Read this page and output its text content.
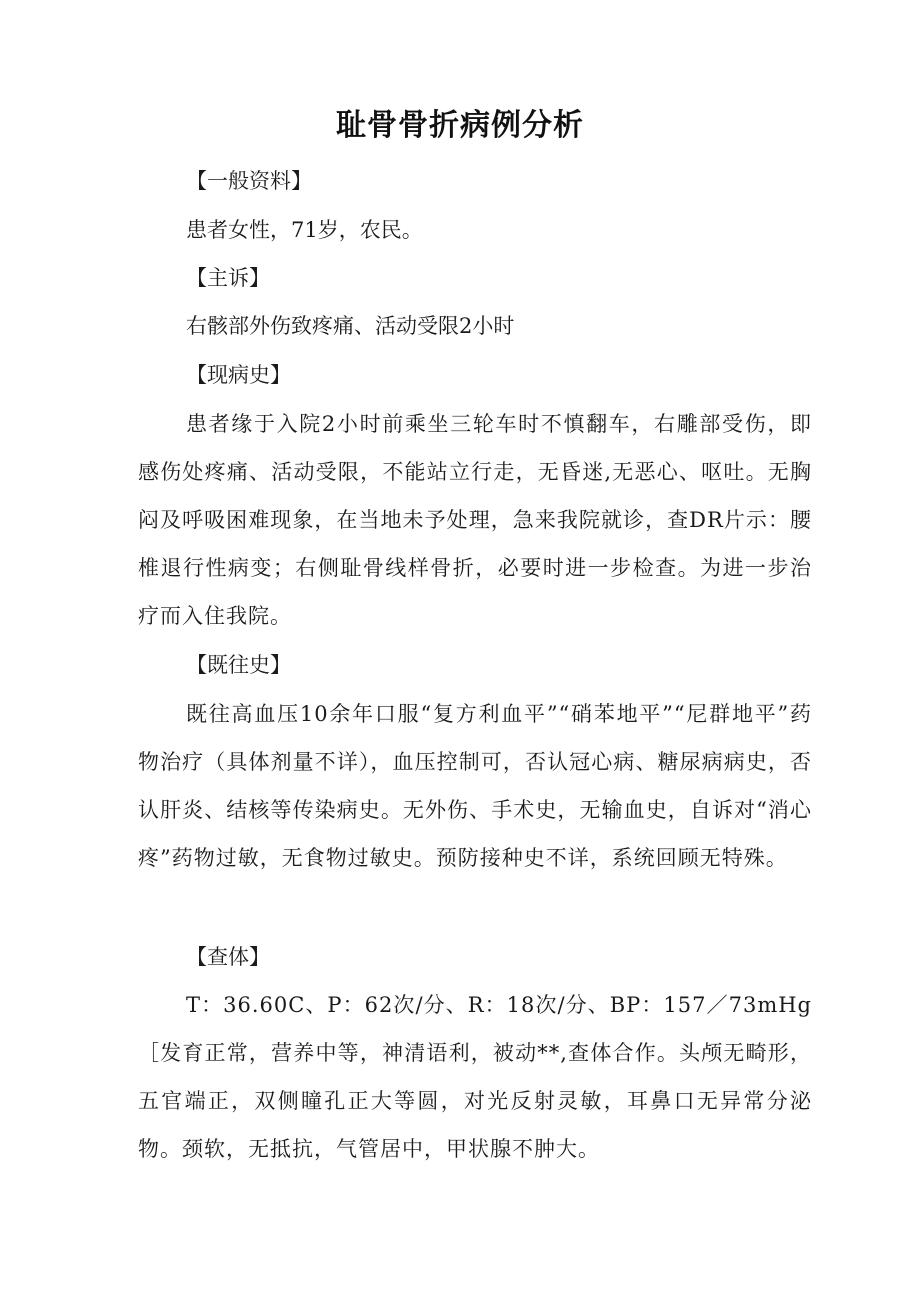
耻骨骨折病例分析
【一般资料】
患者女性，71岁，农民。
【主诉】
右骸部外伤致疼痛、活动受限2小时
【现病史】
患者缘于入院2小时前乘坐三轮车时不慎翻车，右雕部受伤，即感伤处疼痛、活动受限，不能站立行走，无昏迷,无恶心、呕吐。无胸闷及呼吸困难现象，在当地未予处理，急来我院就诊，查DR片示：腰椎退行性病变；右侧耻骨线样骨折，必要时进一步检查。为进一步治疗而入住我院。
【既往史】
既往高血压10余年口服“复方利血平”“硝苯地平”“尼群地平”药物治疗（具体剂量不详），血压控制可，否认冠心病、糖尿病病史，否认肝炎、结核等传染病史。无外伤、手术史，无输血史，自诉对“消心疼”药物过敏，无食物过敏史。预防接种史不详，系统回顾无特殊。
【查体】
T：36.60C、P：62次/分、R：18次/分、BP：157／73mHg［发育正常，营养中等，神清语利，被动**,查体合作。头颅无畸形，五官端正，双侧瞳孔正大等圆，对光反射灵敏，耳鼻口无异常分泌物。颈软，无抵抗，气管居中，甲状腺不肿大。
